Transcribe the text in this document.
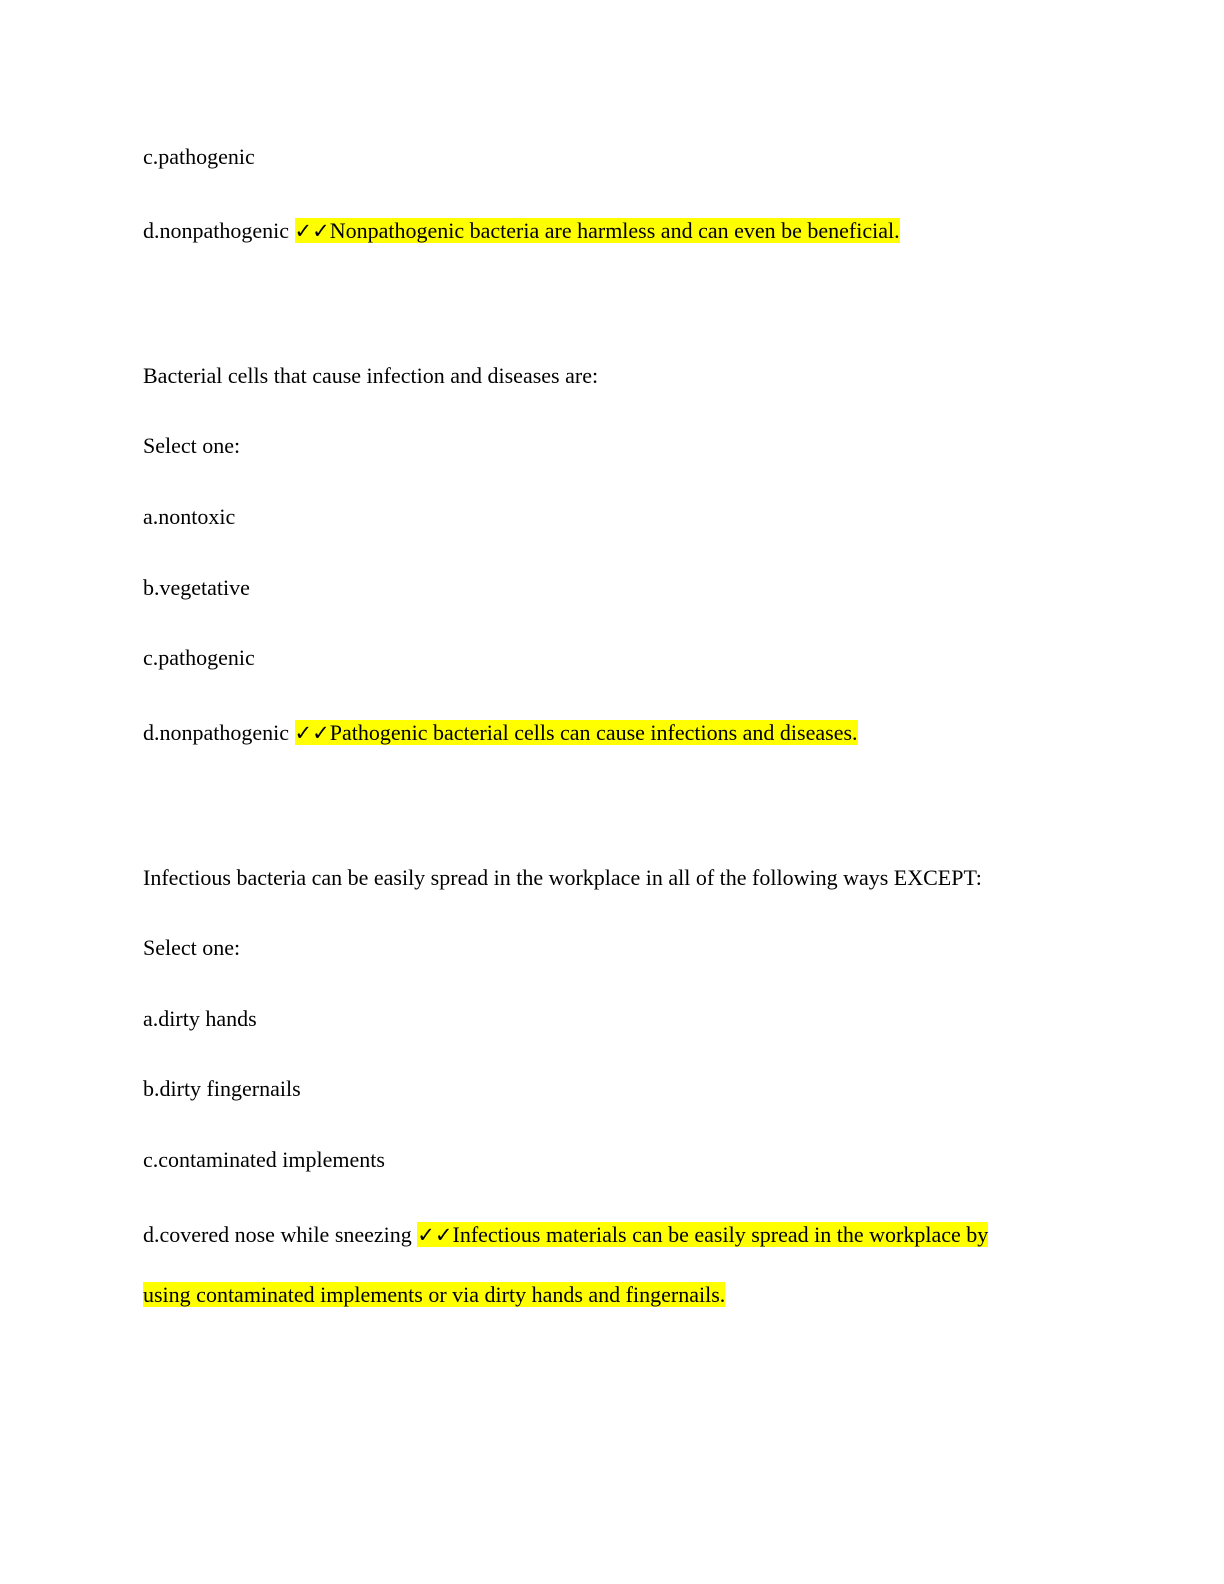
c.pathogenic
d.nonpathogenic ✓✓Nonpathogenic bacteria are harmless and can even be beneficial.
Bacterial cells that cause infection and diseases are:
Select one:
a.nontoxic
b.vegetative
c.pathogenic
d.nonpathogenic ✓✓Pathogenic bacterial cells can cause infections and diseases.
Infectious bacteria can be easily spread in the workplace in all of the following ways EXCEPT:
Select one:
a.dirty hands
b.dirty fingernails
c.contaminated implements
d.covered nose while sneezing ✓✓Infectious materials can be easily spread in the workplace by
using contaminated implements or via dirty hands and fingernails.
